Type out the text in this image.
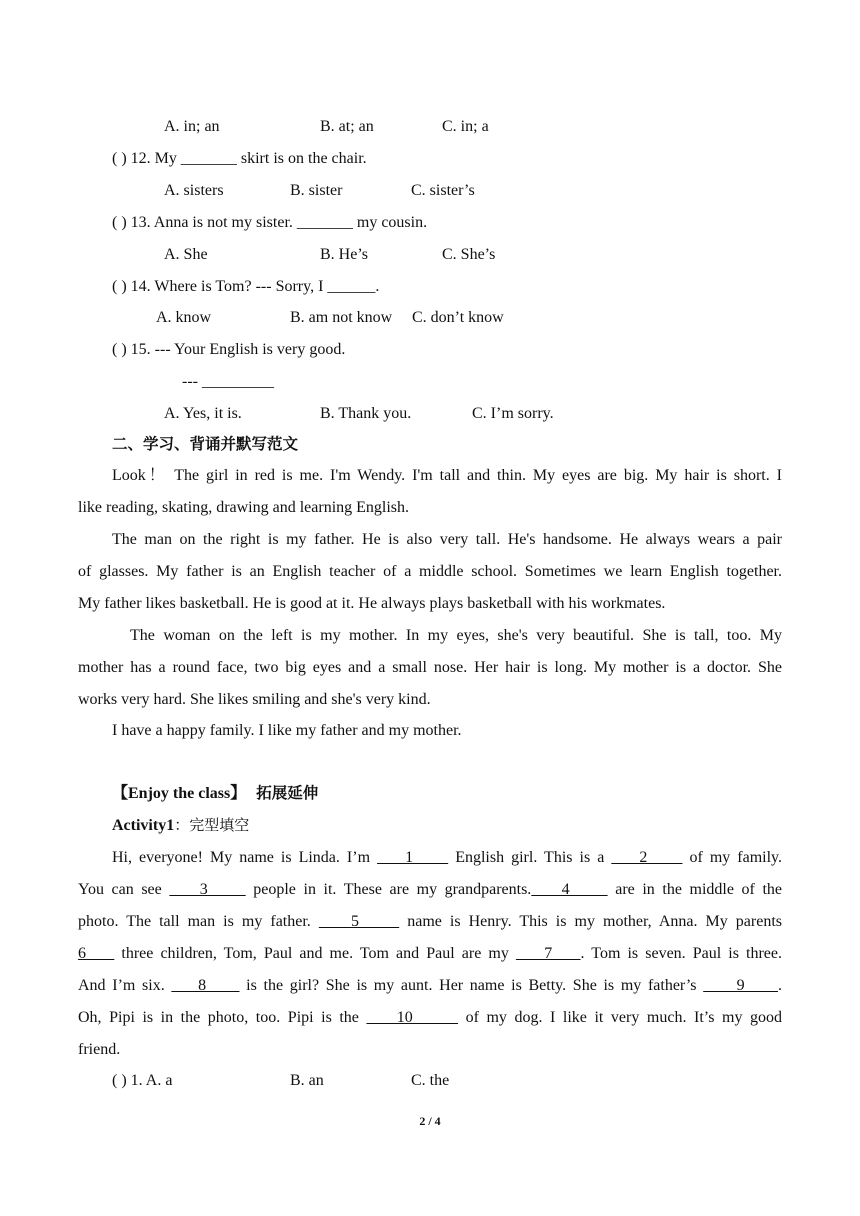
A. in; an	B. at; an	C. in; a
( ) 12. My _______ skirt is on the chair.
A. sisters	B. sister	C. sister’s
( ) 13. Anna is not my sister. _______ my cousin.
A. She	B. He’s	C. She’s
( ) 14. Where is Tom? --- Sorry, I ______.
A. know	B. am not know C. don’t know
( ) 15. --- Your English is very good.
--- _________
A. Yes, it is.	B. Thank you.	C. I’m sorry.
二、学习、背诵并默写范文
Look！ The girl in red is me. I'm Wendy. I'm tall and thin. My eyes are big. My hair is short. I
like reading, skating, drawing and learning English.
The man on the right is my father. He is also very tall. He's handsome. He always wears a pair
of glasses. My father is an English teacher of a middle school. Sometimes we learn English together.
My father likes basketball. He is good at it. He always plays basketball with his workmates.
The woman on the left is my mother. In my eyes, she's very beautiful. She is tall, too. My
mother has a round face, two big eyes and a small nose. Her hair is long. My mother is a doctor. She
works very hard. She likes smiling and she's very kind.
I have a happy family. I like my father and my mother.
【Enjoy the class】 拓展延伸
Activity1：完型填空
Hi, everyone! My name is Linda. I’m     1      English girl. This is a     2      of my family.
You can see     3      people in it. These are my grandparents.    4      are in the middle of the
photo. The tall man is my father.     5      name is Henry. This is my mother, Anna. My parents
6     three children, Tom, Paul and me. Tom and Paul are my     7    . Tom is seven. Paul is three.
And I’m six.     8      is the girl? She is my aunt. Her name is Betty. She is my father’s      9     .
Oh, Pipi is in the photo, too. Pipi is the     10       of my dog. I like it very much. It’s my good
friend.
( ) 1. A. a	B. an	C. the
2 / 4
